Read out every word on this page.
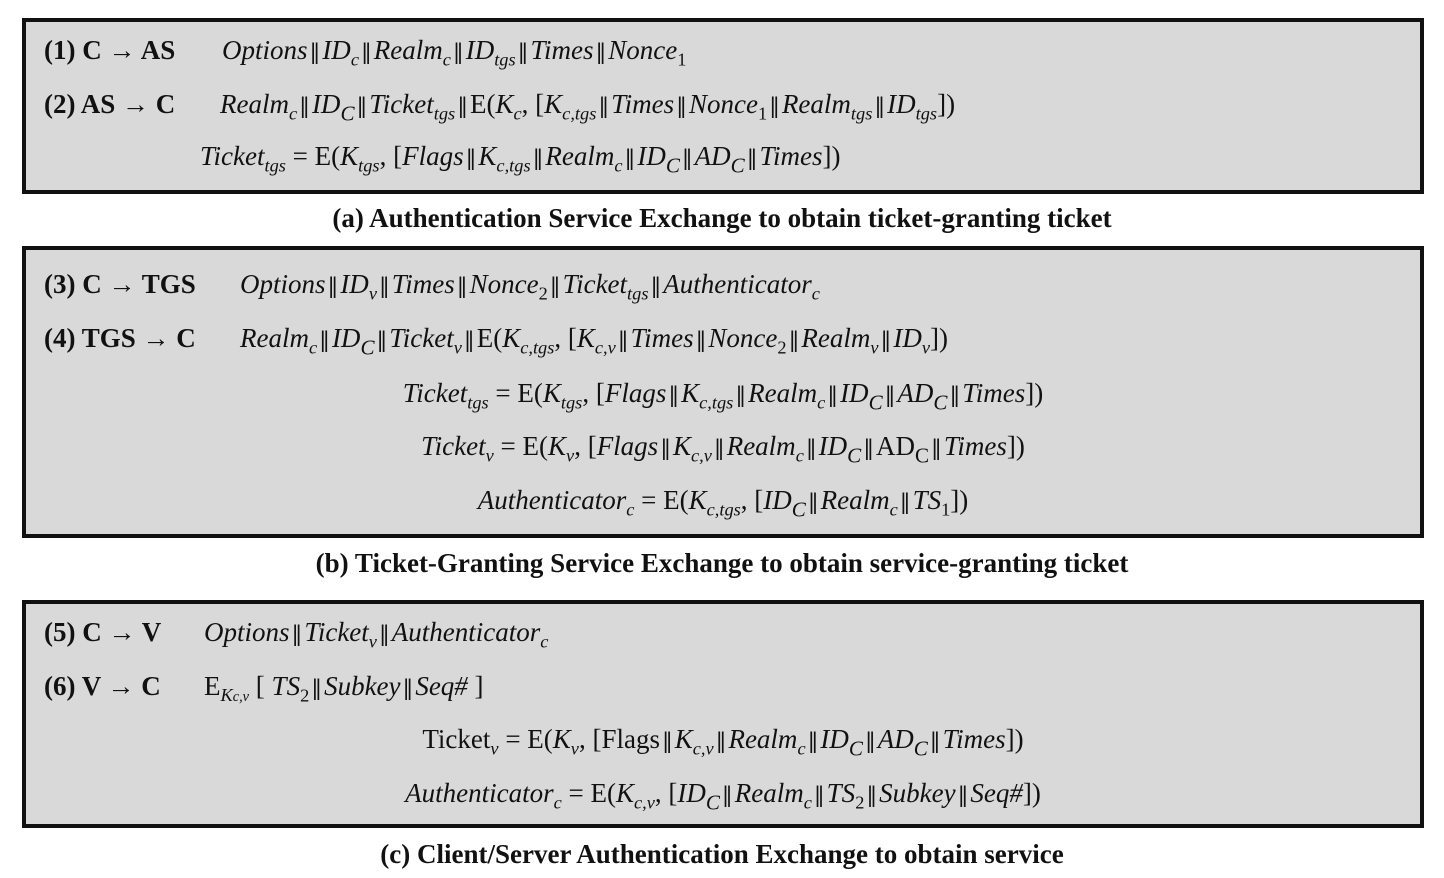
(1) C → AS $Options‖ID_c‖Realm_c‖ID_{tgs}‖Times‖Nonce_1$
(2) AS → C $Realm_c‖ID_C‖Ticket_{tgs}‖E(K_c$, $[K_{c,tgs}‖Times‖Nonce_1‖Realm_{tgs}‖ID_{tgs}]$)
Ticket$_{tgs}$ = $E(K_{tgs}$, $[Flags‖K_{c,tgs}‖Realm_c‖ID_C‖AD_C‖Times]$)
(a) Authentication Service Exchange to obtain ticket-granting ticket
(3) C → TGS $Options‖ID_v‖Times‖Nonce_2‖Ticket_{tgs}‖Authenticator_c$
(4) TGS → C $Realm_c‖ID_C‖Ticket_v‖E(K_{c,tgs}$, $[K_{c,v}‖Times‖Nonce_2‖Realm_v‖ID_v]$)
Ticket$_{tgs}$ = $E(K_{tgs}$, $[Flags‖K_{c,tgs}‖Realm_c‖ID_C‖AD_C‖Times]$)
Ticket$_v$ = $E(K_v$, $[Flags‖K_{c,v}‖Realm_c‖ID_C‖AD_C‖Times]$)
Authenticator$_c$ = $E(K_{c,tgs}$, $[ID_C‖Realm_c‖TS_1]$)
(b) Ticket-Granting Service Exchange to obtain service-granting ticket
(5) C → V Options‖Ticket$_v$‖Authenticator$_c$
(6) V → C $E_{Kc,v}$ [ $TS_2‖Subkey‖Seq\#$ ]
Ticket$_v$ = $E(K_v$, $[Flags‖K_{c,v}‖Realm_c‖ID_C‖AD_C‖Times]$)
Authenticator$_c$ = $E(K_{c,v}$, $[ID_C‖Realm_c‖TS_2‖Subkey‖Seq\#]$)
(c) Client/Server Authentication Exchange to obtain service
